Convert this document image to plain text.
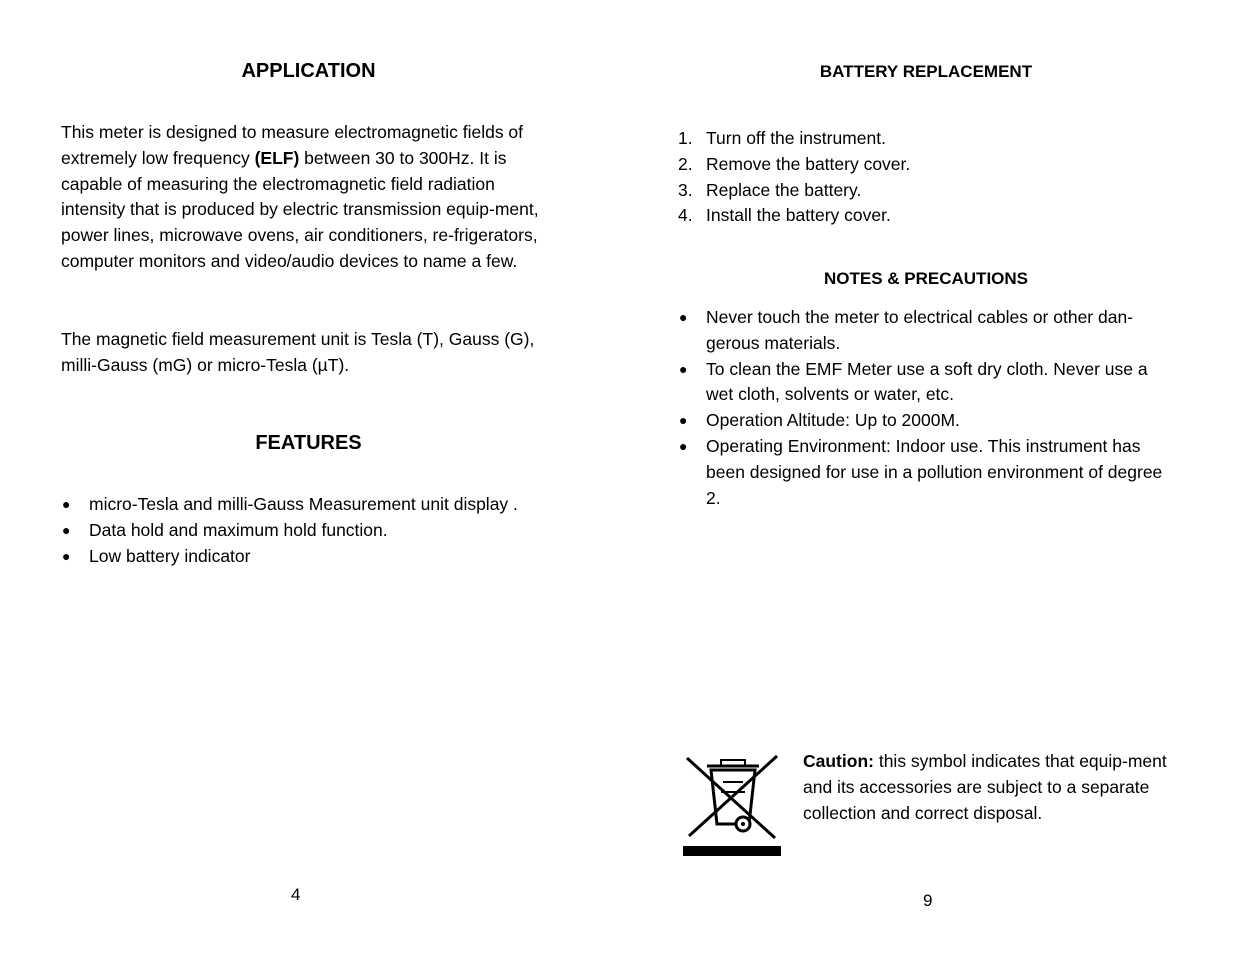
APPLICATION

This meter is designed to measure electromagnetic fields of extremely low frequency (ELF) between 30 to 300Hz. It is capable of measuring the electromagnetic field radiation intensity that is produced by electric transmission equip-ment, power lines, microwave ovens, air conditioners, re-frigerators, computer monitors and video/audio devices to name a few.

The magnetic field measurement unit is Tesla (T), Gauss (G), milli-Gauss (mG) or micro-Tesla (µT).

FEATURES
● micro-Tesla and milli-Gauss Measurement unit display .
● Data hold and maximum hold function.
● Low battery indicator

4

BATTERY REPLACEMENT
1. Turn off the instrument.
2. Remove the battery cover.
3. Replace the battery.
4. Install the battery cover.
NOTES & PRECAUTIONS
● Never touch the meter to electrical cables or other dan-gerous materials.
● To clean the EMF Meter use a soft dry cloth. Never use a wet cloth, solvents or water, etc.
● Operation Altitude: Up to 2000M.
● Operating Environment: Indoor use. This instrument has been designed for use in a pollution environment of degree 2.

Caution: this symbol indicates that equip-ment and its accessories are subject to a separate collection and correct disposal.

9
